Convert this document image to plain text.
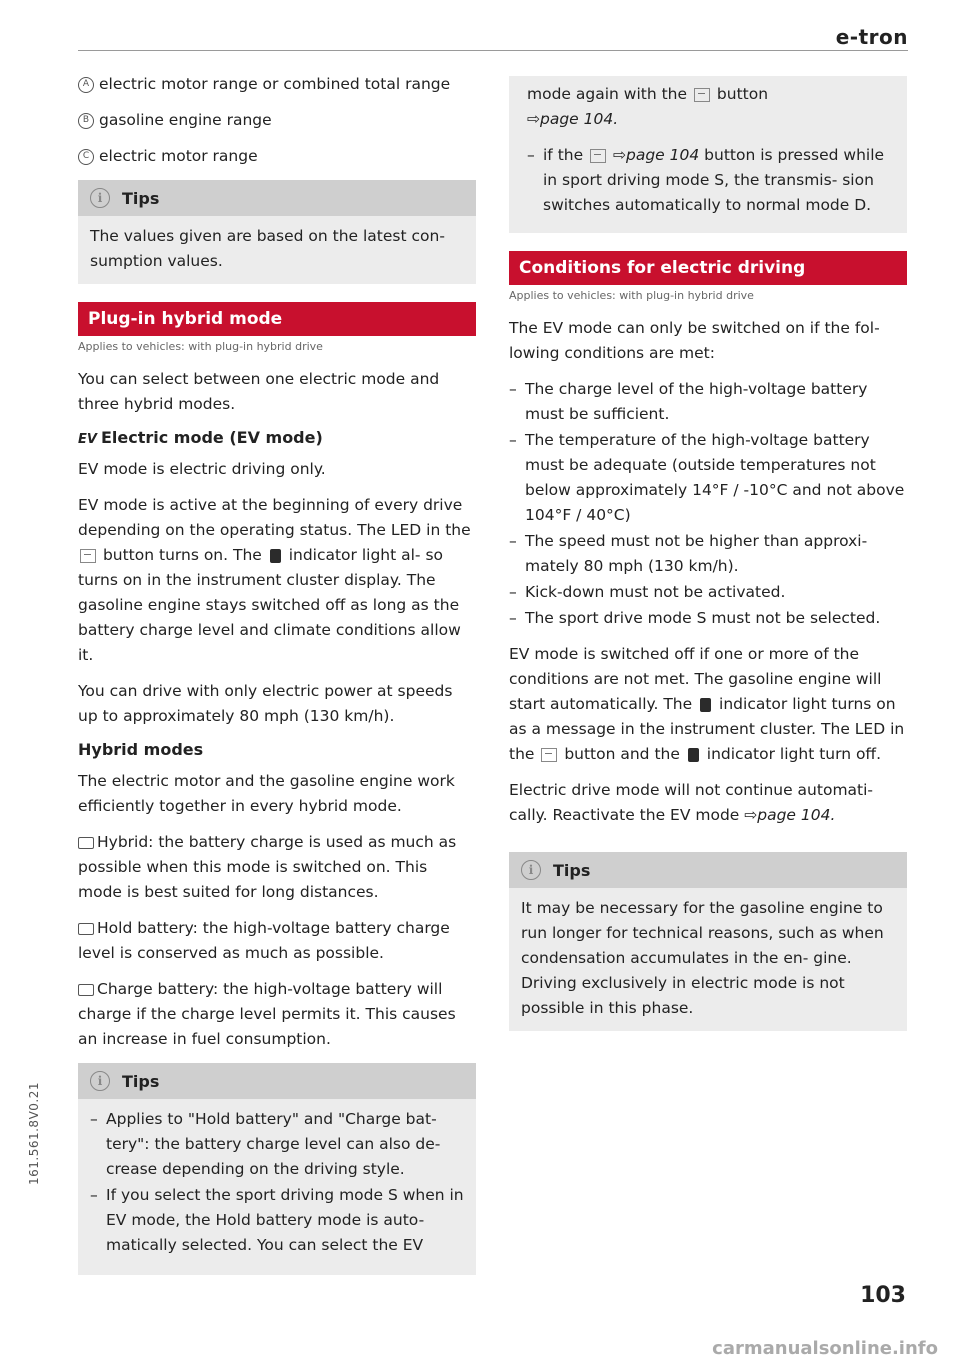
e-tron
A electric motor range or combined total range
B gasoline engine range
C electric motor range
i	Tips

The values given are based on the latest con- sumption values.

Plug-in hybrid mode
Applies to vehicles: with plug-in hybrid drive

You can select between one electric mode and three hybrid modes.

EV Electric mode (EV mode)

EV mode is electric driving only.

EV mode is active at the beginning of every drive depending on the operating status. The LED in the  button turns on. The indicator light al- so turns on in the instrument cluster display. The gasoline engine stays switched off as long as the battery charge level and climate conditions allow it.

You can drive with only electric power at speeds up to approximately 80 mph (130 km/h).

Hybrid modes

The electric motor and the gasoline engine work efficiently together in every hybrid mode.

Hybrid: the battery charge is used as much as possible when this mode is switched on. This mode is best suited for long distances.

Hold battery: the high-voltage battery charge level is conserved as much as possible.

Charge battery: the high-voltage battery will charge if the charge level permits it. This causes an increase in fuel consumption.

i	Tips
– Applies to "Hold battery" and "Charge bat- tery": the battery charge level can also de- crease depending on the driving style.
– If you select the sport driving mode S when in EV mode, the Hold battery mode is auto- matically selected. You can select the EV

mode again with the button
⇨page 104.

– if the ⇨page 104 button is pressed while in sport driving mode S, the transmis- sion switches automatically to normal mode D.
Conditions for electric driving
Applies to vehicles: with plug-in hybrid drive

The EV mode can only be switched on if the fol- lowing conditions are met:

– The charge level of the high-voltage battery must be sufficient.
– The temperature of the high-voltage battery must be adequate (outside temperatures not below approximately 14°F / -10°C and not above 104°F / 40°C)
– The speed must not be higher than approxi- mately 80 mph (130 km/h).
– Kick-down must not be activated.
– The sport drive mode S must not be selected.

EV mode is switched off if one or more of the conditions are not met. The gasoline engine will start automatically. The indicator light turns on as a message in the instrument cluster. The LED in the button and the indicator light turn off.

Electric drive mode will not continue automati- cally. Reactivate the EV mode ⇨page 104.

i	Tips

It may be necessary for the gasoline engine to run longer for technical reasons, such as when condensation accumulates in the en- gine. Driving exclusively in electric mode is not possible in this phase.

161.561.8V0.21
103
carmanualsonline.info
